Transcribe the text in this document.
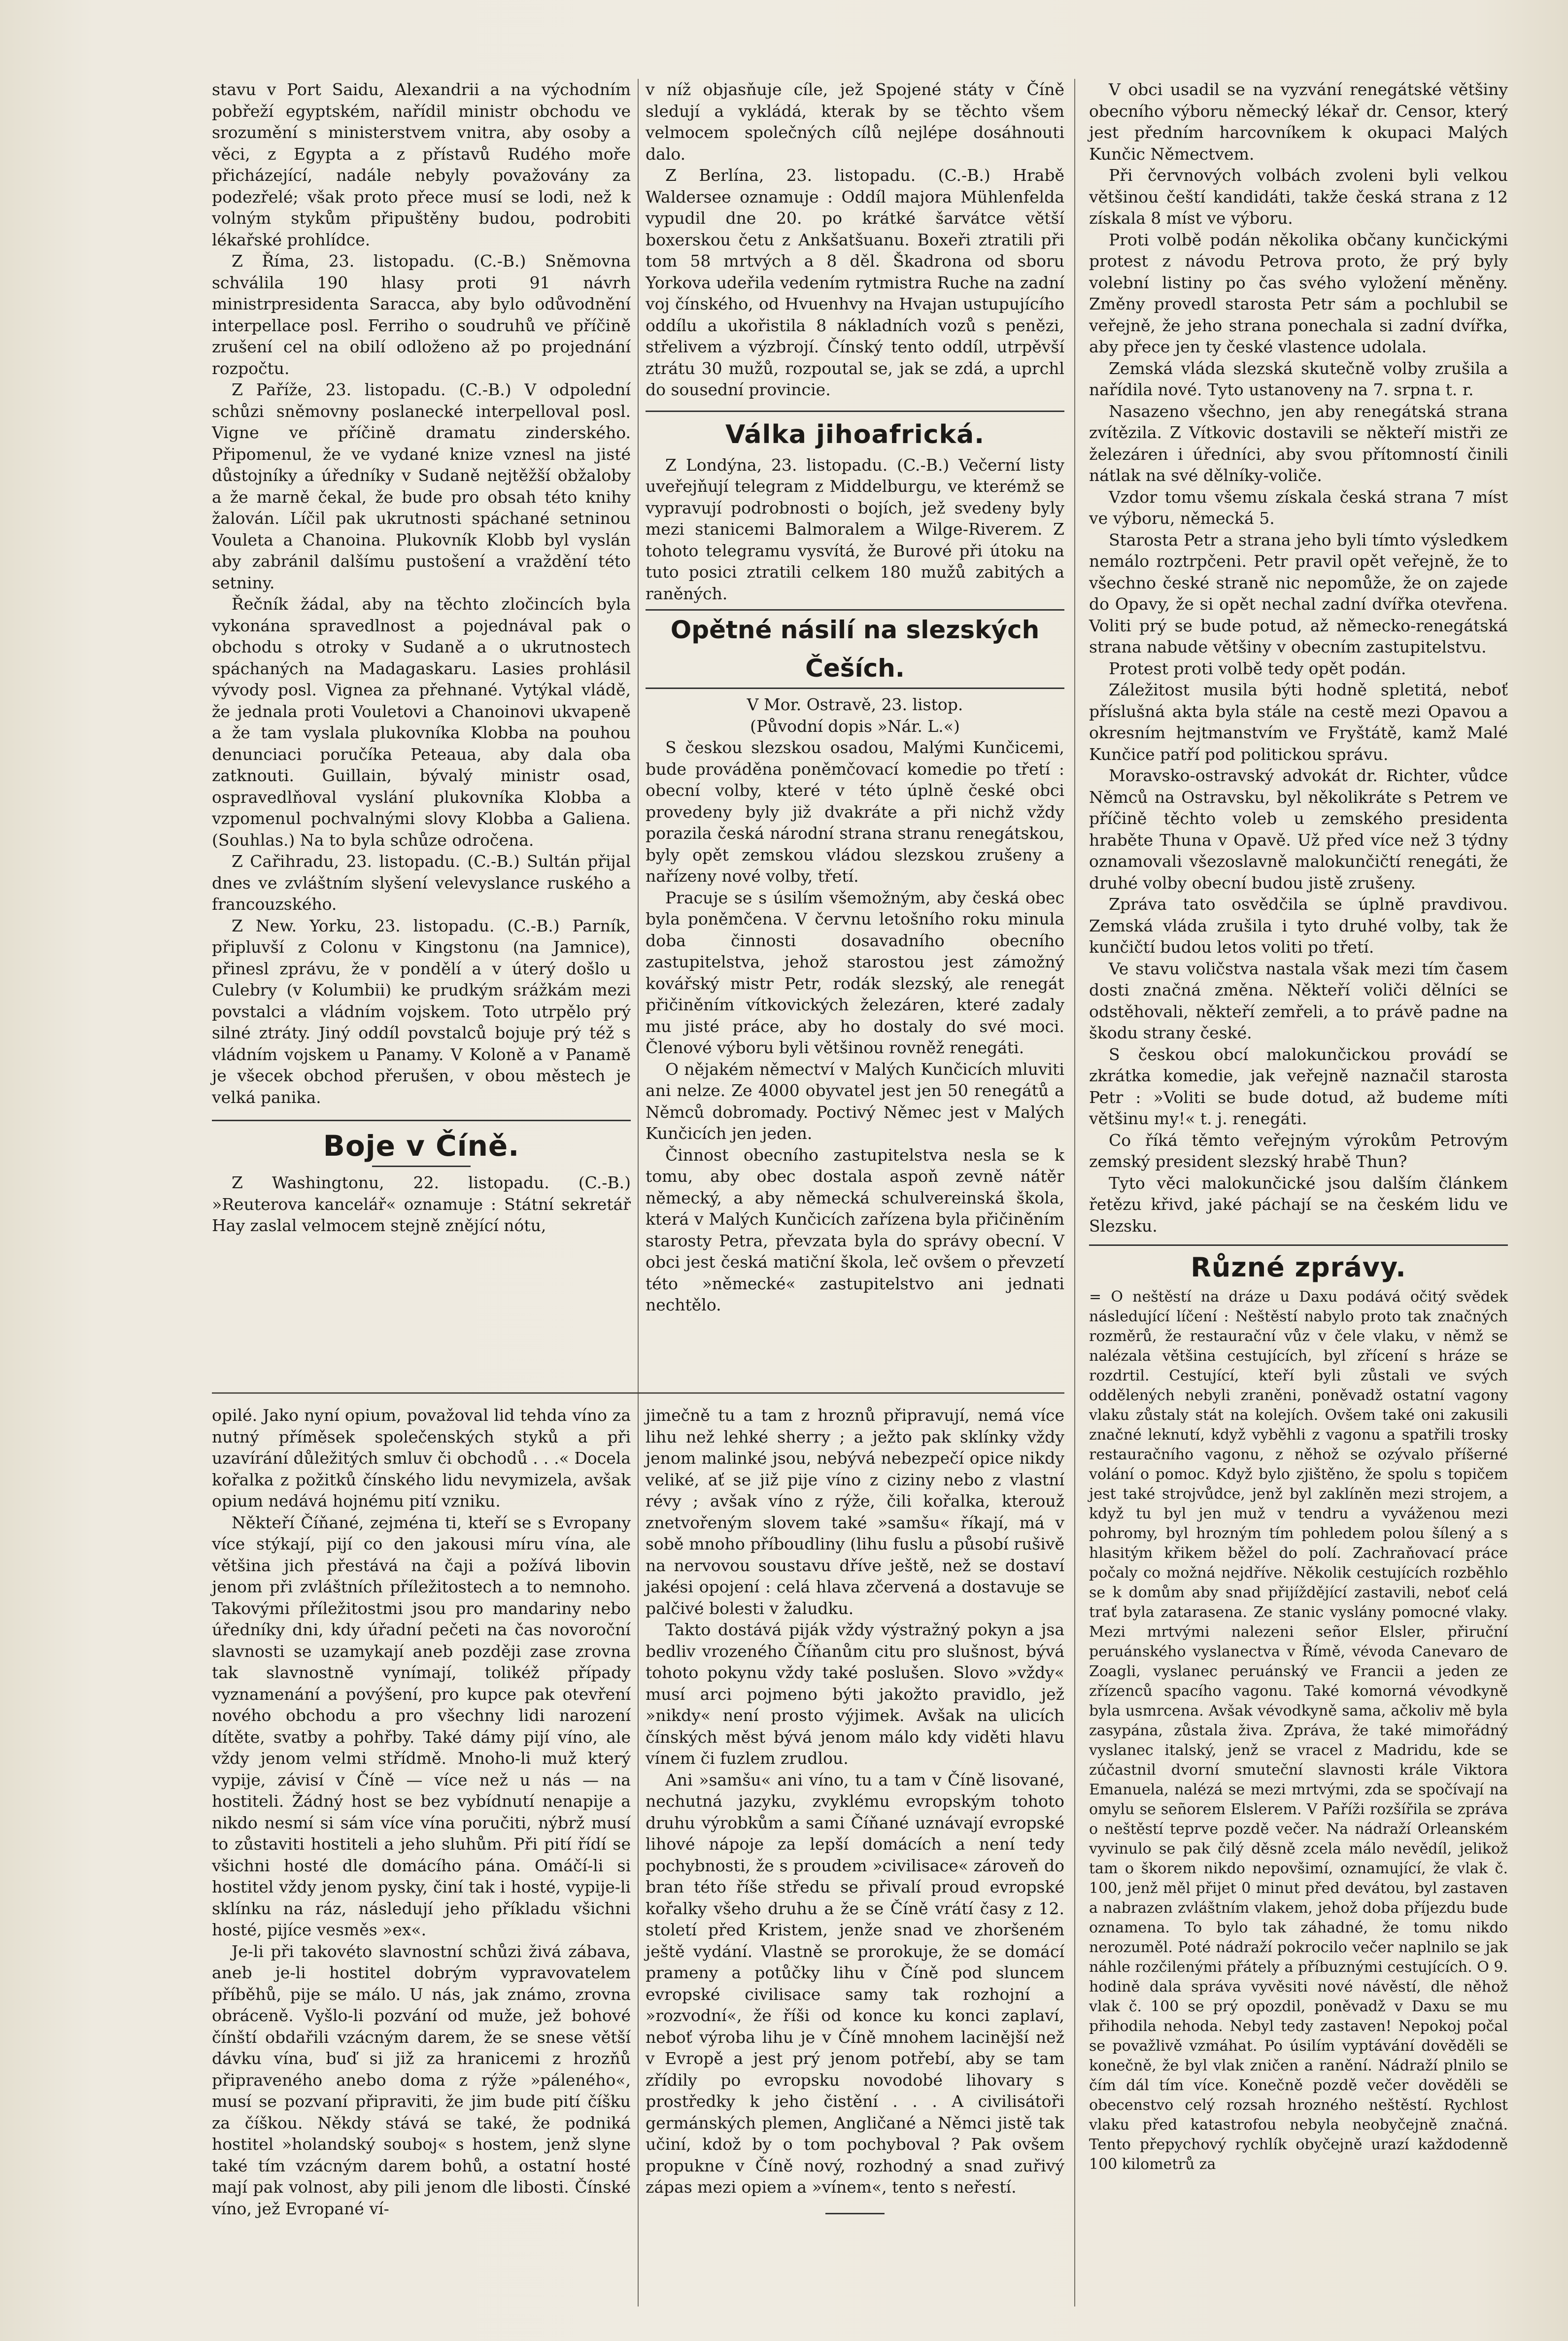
stavu v Port Saidu, Alexandrii a na východním pobřeží egyptském, nařídil ministr obchodu ve srozumění s ministerstvem vnitra, aby osoby a věci, z Egypta a z přístavů Rudého moře přicházející, nadále nebyly považovány za podezřelé; však proto přece musí se lodi, než k volným stykům připuštěny budou, podrobiti lékařské prohlídce.

Z Říma, 23. listopadu. (C.-B.) Sněmovna schválila 190 hlasy proti 91 návrh ministrpresidenta Saracca, aby bylo odůvodnění interpellace posl. Ferriho o soudruhů ve příčině zrušení cel na obilí odloženo až po projednání rozpočtu.

Z Paříže, 23. listopadu. (C.-B.) V odpolední schůzi sněmovny poslanecké interpelloval posl. Vigne ve příčině dramatu zinderského. Připomenul, že ve vydané knize vznesl na jisté důstojníky a úředníky v Sudaně nejtěžší obžaloby a že marně čekal, že bude pro obsah této knihy žalován. Líčil pak ukrutnosti spáchané setninou Vouleta a Chanoina. Plukovník Klobb byl vyslán aby zabránil dalšímu pustošení a vraždění této setniny.

Řečník žádal, aby na těchto zločincích byla vykonána spravedlnost a pojednával pak o obchodu s otroky v Sudaně a o ukrutnostech spáchaných na Madagaskaru. Lasies prohlásil vývody posl. Vignea za přehnané. Vytýkal vládě, že jednala proti Vouletovi a Chanoinovi ukvapeně a že tam vyslala plukovníka Klobba na pouhou denunciaci poručíka Peteaua, aby dala oba zatknouti. Guillain, bývalý ministr osad, ospravedlňoval vyslání plukovníka Klobba a vzpomenul pochvalnými slovy Klobba a Galiena. (Souhlas.) Na to byla schůze odročena.

Z Cařihradu, 23. listopadu. (C.-B.) Sultán přijal dnes ve zvláštním slyšení velevyslance ruského a francouzského.

Z New. Yorku, 23. listopadu. (C.-B.) Parník, připluvší z Colonu v Kingstonu (na Jamnice), přinesl zprávu, že v pondělí a v úterý došlo u Culebry (v Kolumbii) ke prudkým srážkám mezi povstalci a vládním vojskem. Toto utrpělo prý silné ztráty. Jiný oddíl povstalců bojuje prý též s vládním vojskem u Panamy. V Koloně a v Panamě je všecek obchod přerušen, v obou městech je velká panika.

Boje v Číně.

Z Washingtonu, 22. listopadu. (C.-B.) »Reuterova kancelář« oznamuje : Státní sekretář Hay zaslal velmocem stejně znějící nótu,

v níž objasňuje cíle, jež Spojené státy v Číně sledují a vykládá, kterak by se těchto všem velmocem společných cílů nejlépe dosáhnouti dalo.

Z Berlína, 23. listopadu. (C.-B.) Hrabě Waldersee oznamuje : Oddíl majora Mühlenfelda vypudil dne 20. po krátké šarvátce větší boxerskou četu z Ankšatšuanu. Boxeři ztratili při tom 58 mrtvých a 8 děl. Škadrona od sboru Yorkova udeřila vedením rytmistra Ruche na zadní voj čínského, od Hvuenhvy na Hvajan ustupujícího oddílu a ukořistila 8 nákladních vozů s penězi, střelivem a výzbrojí. Čínský tento oddíl, utrpěvší ztrátu 30 mužů, rozpoutal se, jak se zdá, a uprchl do sousední provincie.

Válka jihoafrická.

Z Londýna, 23. listopadu. (C.-B.) Večerní listy uveřejňují telegram z Middelburgu, ve kterémž se vypravují podrobnosti o bojích, jež svedeny byly mezi stanicemi Balmoralem a Wilge-Riverem. Z tohoto telegramu vysvítá, že Burové při útoku na tuto posici ztratili celkem 180 mužů zabitých a raněných.

Opětné násilí na slezských Češích.

V Mor. Ostravě, 23. listop.

(Původní dopis »Nár. L.«)

S českou slezskou osadou, Malými Kunčicemi, bude prováděna poněmčovací komedie po třetí : obecní volby, které v této úplně české obci provedeny byly již dvakráte a při nichž vždy porazila česká národní strana stranu renegátskou, byly opět zemskou vládou slezskou zrušeny a nařízeny nové volby, třetí.

Pracuje se s úsilím všemožným, aby česká obec byla poněmčena. V červnu letošního roku minula doba činnosti dosavadního obecního zastupitelstva, jehož starostou jest zámožný kovářský mistr Petr, rodák slezský, ale renegát přičiněním vítkovických železáren, které zadaly mu jisté práce, aby ho dostaly do své moci. Členové výboru byli většinou rovněž renegáti.

O nějakém němectví v Malých Kunčicích mluviti ani nelze. Ze 4000 obyvatel jest jen 50 renegátů a Němců dobromady. Poctivý Němec jest v Malých Kunčicích jen jeden.

Činnost obecního zastupitelstva nesla se k tomu, aby obec dostala aspoň zevně nátěr německý, a aby německá schulvereinská škola, která v Malých Kunčicích zařízena byla přičiněním starosty Petra, převzata byla do správy obecní. V obci jest česká matiční škola, leč ovšem o převzetí této »německé« zastupitelstvo ani jednati nechtělo.

V obci usadil se na vyzvání renegátské většiny obecního výboru německý lékař dr. Censor, který jest předním harcovníkem k okupaci Malých Kunčic Němectvem.

Při červnových volbách zvoleni byli velkou většinou čeští kandidáti, takže česká strana z 12 získala 8 míst ve výboru.

Proti volbě podán několika občany kunčickými protest z návodu Petrova proto, že prý byly volební listiny po čas svého vyložení měněny. Změny provedl starosta Petr sám a pochlubil se veřejně, že jeho strana ponechala si zadní dvířka, aby přece jen ty české vlastence udolala.

Zemská vláda slezská skutečně volby zrušila a nařídila nové. Tyto ustanoveny na 7. srpna t. r.

Nasazeno všechno, jen aby renegátská strana zvítězila. Z Vítkovic dostavili se někteří mistři ze železáren i úředníci, aby svou přítomností činili nátlak na své dělníky-voliče.

Vzdor tomu všemu získala česká strana 7 míst ve výboru, německá 5.

Starosta Petr a strana jeho byli tímto výsledkem nemálo roztrpčeni. Petr pravil opět veřejně, že to všechno české straně nic nepomůže, že on zajede do Opavy, že si opět nechal zadní dvířka otevřena. Voliti prý se bude potud, až německo-renegátská strana nabude většiny v obecním zastupitelstvu.

Protest proti volbě tedy opět podán.

Záležitost musila býti hodně spletitá, neboť příslušná akta byla stále na cestě mezi Opavou a okresním hejtmanstvím ve Fryštátě, kamž Malé Kunčice patří pod politickou správu.

Moravsko-ostravský advokát dr. Richter, vůdce Němců na Ostravsku, byl několikráte s Petrem ve příčině těchto voleb u zemského presidenta hraběte Thuna v Opavě. Už před více než 3 týdny oznamovali všezoslavně malokunčičtí renegáti, že druhé volby obecní budou jistě zrušeny.

Zpráva tato osvědčila se úplně pravdivou. Zemská vláda zrušila i tyto druhé volby, tak že kunčičtí budou letos voliti po třetí.

Ve stavu voličstva nastala však mezi tím časem dosti značná změna. Někteří voliči dělníci se odstěhovali, někteří zemřeli, a to právě padne na škodu strany české.

S českou obcí malokunčickou provádí se zkrátka komedie, jak veřejně naznačil starosta Petr : »Voliti se bude dotud, až budeme míti většinu my!« t. j. renegáti.

Co říká těmto veřejným výrokům Petrovým zemský president slezský hrabě Thun?

Tyto věci malokunčické jsou dalším článkem řetězu křivd, jaké páchají se na českém lidu ve Slezsku.

Různé zprávy.

= O neštěstí na dráze u Daxu podává očitý svědek následující líčení : Neštěstí nabylo proto tak značných rozměrů, že restaurační vůz v čele vlaku, v němž se nalézala většina cestujících, byl zřícení s hráze se rozdrtil. Cestující, kteří byli zůstali ve svých oddělených nebyli zraněni, poněvadž ostatní vagony vlaku zůstaly stát na kolejích. Ovšem také oni zakusili značné leknutí, když vyběhli z vagonu a spatřili trosky restauračního vagonu, z něhož se ozývalo příšerné volání o pomoc. Když bylo zjištěno, že spolu s topičem jest také strojvůdce, jenž byl zaklíněn mezi strojem, a když tu byl jen muž v tendru a vyváženou mezi pohromy, byl hrozným tím pohledem polou šílený a s hlasitým křikem běžel do polí. Zachraňovací práce počaly co možná nejdříve. Několik cestujících rozběhlo se k domům aby snad přijíždějící zastavili, neboť celá trať byla zatarasena. Ze stanic vyslány pomocné vlaky. Mezi mrtvými nalezeni señor Elsler, přiruční peruánského vyslanectva v Římě, vévoda Canevaro de Zoagli, vyslanec peruánský ve Francii a jeden ze zřízenců spacího vagonu. Také komorná vévodkyně byla usmrcena. Avšak vévodkyně sama, ačkoliv mě byla zasypána, zůstala živa. Zpráva, že také mimořádný vyslanec italský, jenž se vracel z Madridu, kde se zúčastnil dvorní smuteční slavnosti krále Viktora Emanuela, nalézá se mezi mrtvými, zda se spočívají na omylu se señorem Elslerem. V Paříži rozšířila se zpráva o neštěstí teprve pozdě večer. Na nádraží Orleanském vyvinulo se pak čilý děsně zcela málo nevědíl, jelikož tam o škorem nikdo nepovšimí, oznamující, že vlak č. 100, jenž měl přijet 0 minut před devátou, byl zastaven a nabrazen zvláštním vlakem, jehož doba příjezdu bude oznamena. To bylo tak záhadné, že tomu nikdo nerozuměl. Poté nádraží pokrocilo večer naplnilo se jak náhle rozčilenými přátely a příbuznými cestujících. O 9. hodině dala správa vyvěsiti nové návěstí, dle něhož vlak č. 100 se prý opozdil, poněvadž v Daxu se mu přihodila nehoda. Nebyl tedy zastaven! Nepokoj počal se považlivě vzmáhat. Po úsilím vyptávání dověděli se konečně, že byl vlak zničen a ranění. Nádraží plnilo se čím dál tím více. Konečně pozdě večer dověděli se obecenstvo celý rozsah hrozného neštěstí. Rychlost vlaku před katastrofou nebyla neobyčejně značná. Tento přepychový rychlík obyčejně urazí každodenně 100 kilometrů za

opilé. Jako nyní opium, považoval lid tehda víno za nutný příměsek společenských styků a při uzavírání důležitých smluv či obchodů . . .« Docela kořalka z požitků čínského lidu nevymizela, avšak opium nedává hojnému pití vzniku.

Někteří Číňané, zejména ti, kteří se s Evropany více stýkají, pijí co den jakousi míru vína, ale většina jich přestává na čaji a požívá libovin jenom při zvláštních příležitostech a to nemnoho. Takovými příležitostmi jsou pro mandariny nebo úředníky dni, kdy úřadní pečeti na čas novoroční slavnosti se uzamykají aneb později zase zrovna tak slavnostně vynímají, tolikéž případy vyznamenání a povýšení, pro kupce pak otevření nového obchodu a pro všechny lidi narození dítěte, svatby a pohřby. Také dámy pijí víno, ale vždy jenom velmi střídmě. Mnoho-li muž který vypije, závisí v Číně — více než u nás — na hostiteli. Žádný host se bez vybídnutí nenapije a nikdo nesmí si sám více vína poručiti, nýbrž musí to zůstaviti hostiteli a jeho sluhům. Při pití řídí se všichni hosté dle domácího pána. Omáčí-li si hostitel vždy jenom pysky, činí tak i hosté, vypije-li sklínku na ráz, následují jeho příkladu všichni hosté, pijíce vesměs »ex«.

Je-li při takovéto slavnostní schůzi živá zábava, aneb je-li hostitel dobrým vypravovatelem příběhů, pije se málo. U nás, jak známo, zrovna obráceně. Vyšlo-li pozvání od muže, jež bohové čínští obdařili vzácným darem, že se snese větší dávku vína, buď si již za hranicemi z hrozňů připraveného anebo doma z rýže »páleného«, musí se pozvaní připraviti, že jim bude pití číšku za číškou. Někdy stává se také, že podniká hostitel »holandský souboj« s hostem, jenž slyne také tím vzácným darem bohů, a ostatní hosté mají pak volnost, aby pili jenom dle libosti. Čínské víno, jež Evropané ví-

jimečně tu a tam z hroznů připravují, nemá více lihu než lehké sherry ; a ježto pak sklínky vždy jenom malinké jsou, nebývá nebezpečí opice nikdy veliké, ať se již pije víno z ciziny nebo z vlastní révy ; avšak víno z rýže, čili kořalka, kterouž znetvořeným slovem také »samšu« říkají, má v sobě mnoho příboudliny (lihu fuslu a působí rušivě na nervovou soustavu dříve ještě, než se dostaví jakési opojení : celá hlava zčervená a dostavuje se palčivé bolesti v žaludku.

Takto dostává piják vždy výstražný pokyn a jsa bedliv vrozeného Číňanům citu pro slušnost, bývá tohoto pokynu vždy také poslušen. Slovo »vždy« musí arci pojmeno býti jakožto pravidlo, jež »nikdy« není prosto výjimek. Avšak na ulicích čínských měst bývá jenom málo kdy viděti hlavu vínem či fuzlem zrudlou.

Ani »samšu« ani víno, tu a tam v Číně lisované, nechutná jazyku, zvyklému evropským tohoto druhu výrobkům a sami Číňané uznávají evropské lihové nápoje za lepší domácích a není tedy pochybnosti, že s proudem »civilisace« zároveň do bran této říše středu se přivalí proud evropské kořalky všeho druhu a že se Číně vrátí časy z 12. století před Kristem, jenže snad ve zhoršeném ještě vydání. Vlastně se prorokuje, že se domácí prameny a potůčky lihu v Číně pod sluncem evropské civilisace samy tak rozhojní a »rozvodní«, že říši od konce ku konci zaplaví, neboť výroba lihu je v Číně mnohem lacinější než v Evropě a jest prý jenom potřebí, aby se tam zřídily po evropsku novodobé lihovary s prostředky k jeho čistění . . . A civilisátoři germánských plemen, Angličané a Němci jistě tak učiní, kdož by o tom pochyboval ? Pak ovšem propukne v Číně nový, rozhodný a snad zuřivý zápas mezi opiem a »vínem«, tento s neřestí.
